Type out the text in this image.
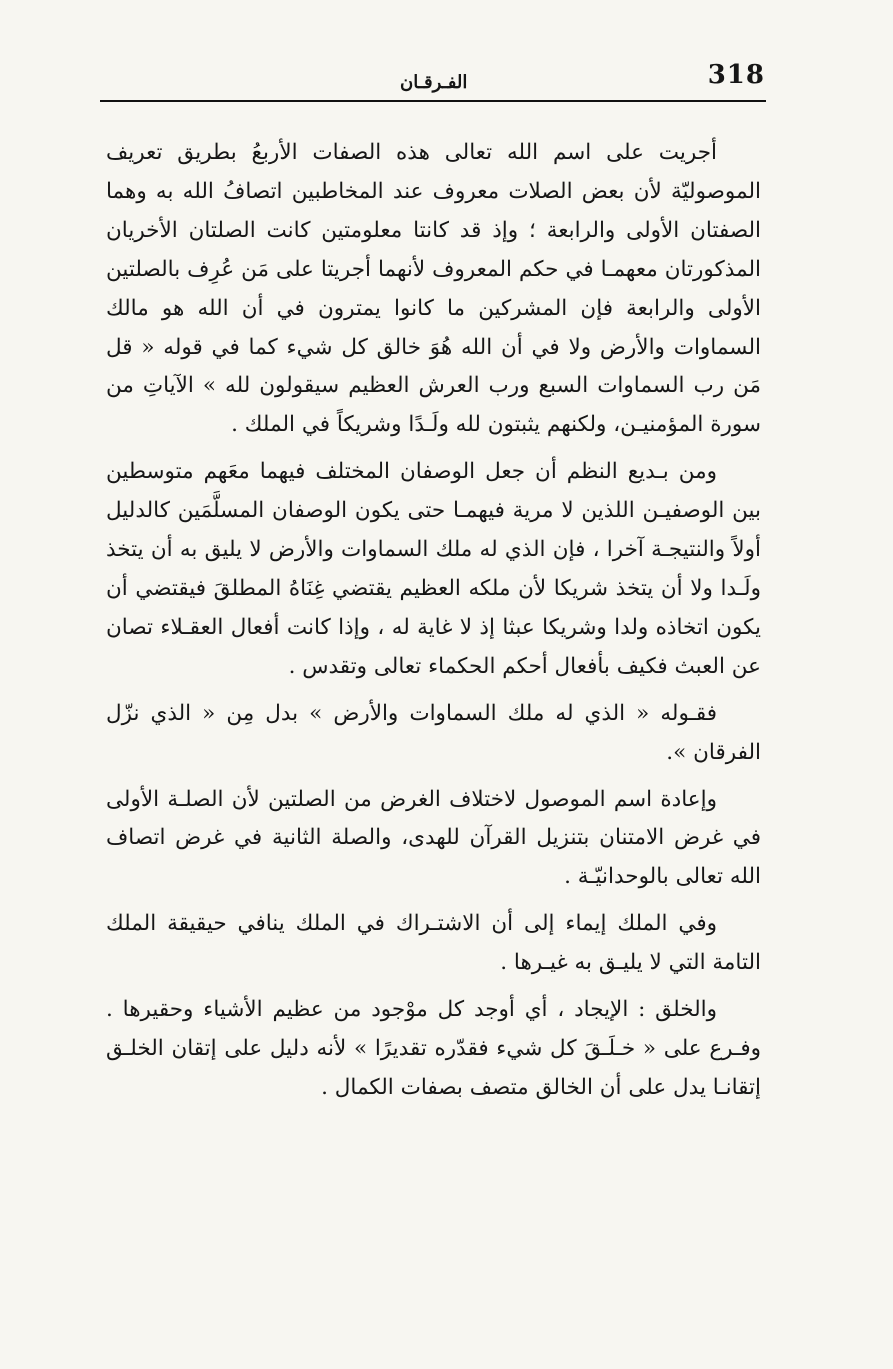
318
الفـرقـان

أجريت على اسم الله تعالى هذه الصفات الأربعُ بطريق تعريف الموصوليّة لأن بعض الصلات معروف عند المخاطبين اتصافُ الله به وهما الصفتان الأولى والرابعة ؛ وإذ قد كانتا معلومتين كانت الصلتان الأخريان المذكورتان معهمـا في حكم المعروف لأنهما أجريتا على مَن عُرِف بالصلتين الأولى والرابعة فإن المشركين ما كانوا يمترون في أن الله هو مالك السماوات والأرض ولا في أن الله هُوَ خالق كل شيء كما في قوله « قل مَن رب السماوات السبع ورب العرش العظيم سيقولون لله » الآياتِ من سورة المؤمنيـن، ولكنهم يثبتون لله ولَـدًا وشريكاً في الملك .

ومن بـديع النظم أن جعل الوصفان المختلف فيهما معَهم متوسطين بين الوصفيـن اللذين لا مرية فيهمـا حتى يكون الوصفان المسلَّمَين كالدليل أولاً والنتيجـة آخرا ، فإن الذي له ملك السماوات والأرض لا يليق به أن يتخذ ولَـدا ولا أن يتخذ شريكا لأن ملكه العظيم يقتضي غِنَاهُ المطلقَ فيقتضي أن يكون اتخاذه ولدا وشريكا عبثا إذ لا غاية له ، وإذا كانت أفعال العقـلاء تصان عن العبث فكيف بأفعال أحكم الحكماء تعالى وتقدس .

فقـوله « الذي له ملك السماوات والأرض » بدل مِن « الذي نزّل الفرقان ».

وإعادة اسم الموصول لاختلاف الغرض من الصلتين لأن الصلـة الأولى في غرض الامتنان بتنزيل القرآن للهدى، والصلة الثانية في غرض اتصاف الله تعالى بالوحدانيّـة .

وفي الملك إيماء إلى أن الاشتـراك في الملك ينافي حيقيقة الملك التامة التي لا يليـق به غيـرها .

والخلق : الإيجاد ، أي أوجد كل موْجود من عظيم الأشياء وحقيرها . وفـرع على « خـلَـقَ كل شيء فقدّره تقديرًا » لأنه دليل على إتقان الخلـق إتقانـا يدل على أن الخالق متصف بصفات الكمال .
